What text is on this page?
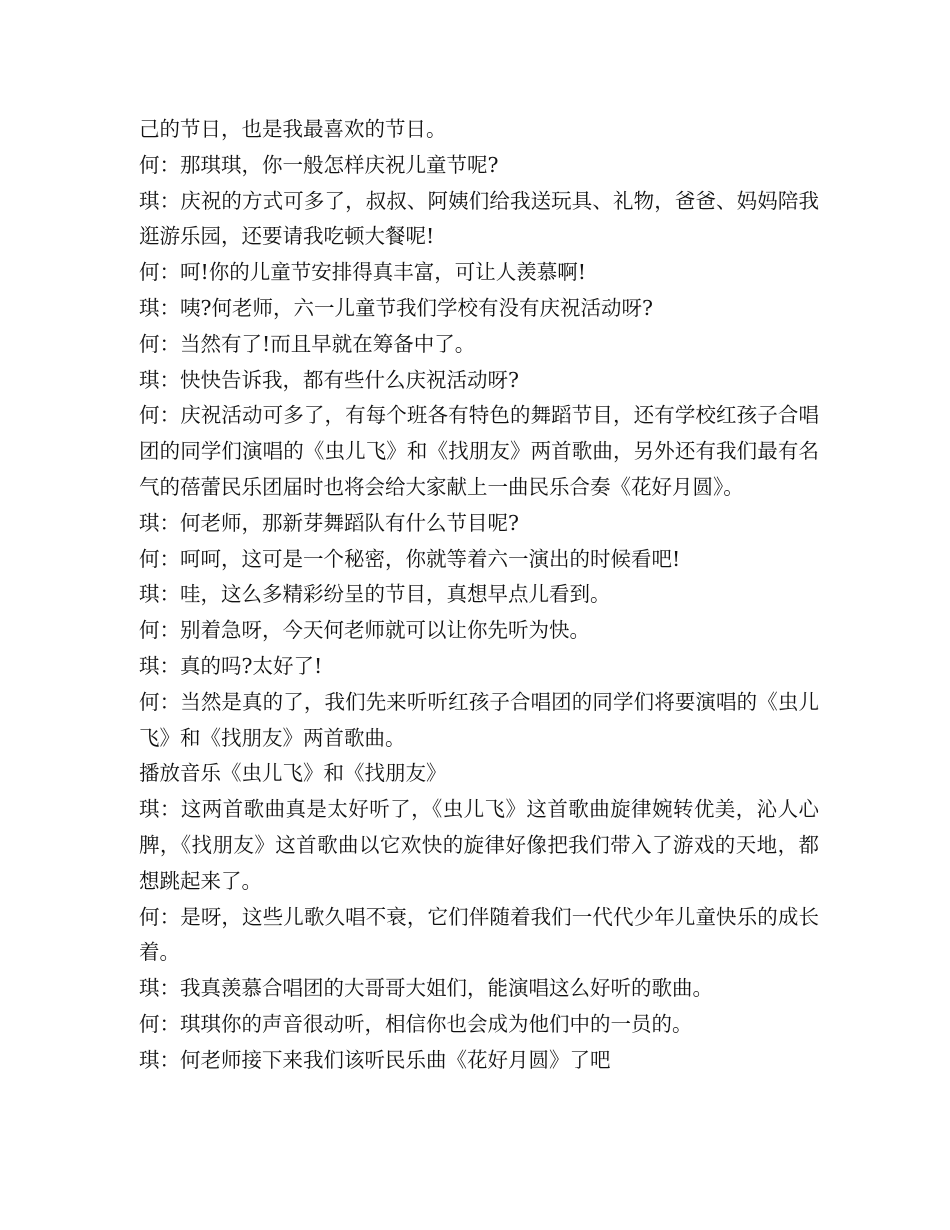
己的节日，也是我最喜欢的节日。

何：那琪琪，你一般怎样庆祝儿童节呢?

琪：庆祝的方式可多了，叔叔、阿姨们给我送玩具、礼物，爸爸、妈妈陪我逛游乐园，还要请我吃顿大餐呢!

何：呵!你的儿童节安排得真丰富，可让人羡慕啊!

琪：咦?何老师，六一儿童节我们学校有没有庆祝活动呀?

何：当然有了!而且早就在筹备中了。

琪：快快告诉我，都有些什么庆祝活动呀?

何：庆祝活动可多了，有每个班各有特色的舞蹈节目，还有学校红孩子合唱团的同学们演唱的《虫儿飞》和《找朋友》两首歌曲，另外还有我们最有名气的蓓蕾民乐团届时也将会给大家献上一曲民乐合奏《花好月圆》。

琪：何老师，那新芽舞蹈队有什么节目呢?

何：呵呵，这可是一个秘密，你就等着六一演出的时候看吧!

琪：哇，这么多精彩纷呈的节目，真想早点儿看到。

何：别着急呀，今天何老师就可以让你先听为快。

琪：真的吗?太好了!

何：当然是真的了，我们先来听听红孩子合唱团的同学们将要演唱的《虫儿飞》和《找朋友》两首歌曲。

播放音乐《虫儿飞》和《找朋友》

琪：这两首歌曲真是太好听了，《虫儿飞》这首歌曲旋律婉转优美，沁人心脾，《找朋友》这首歌曲以它欢快的旋律好像把我们带入了游戏的天地，都想跳起来了。

何：是呀，这些儿歌久唱不衰，它们伴随着我们一代代少年儿童快乐的成长着。

琪：我真羡慕合唱团的大哥哥大姐们，能演唱这么好听的歌曲。

何：琪琪你的声音很动听，相信你也会成为他们中的一员的。

琪：何老师接下来我们该听民乐曲《花好月圆》了吧
